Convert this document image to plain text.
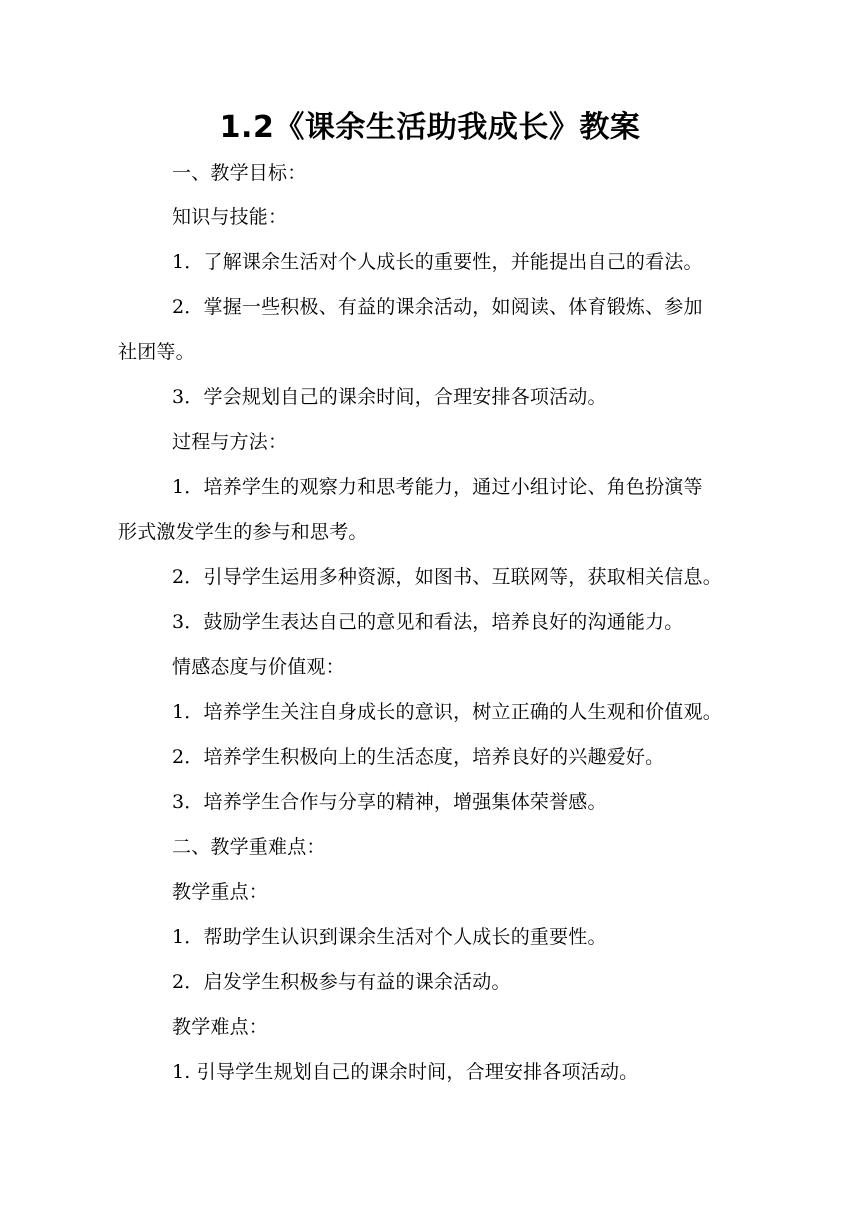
1.2《课余生活助我成长》教案
一、教学目标：
知识与技能：
1．了解课余生活对个人成长的重要性，并能提出自己的看法。
2．掌握一些积极、有益的课余活动，如阅读、体育锻炼、参加
社团等。
3．学会规划自己的课余时间，合理安排各项活动。
过程与方法：
1．培养学生的观察力和思考能力，通过小组讨论、角色扮演等
形式激发学生的参与和思考。
2．引导学生运用多种资源，如图书、互联网等，获取相关信息。
3．鼓励学生表达自己的意见和看法，培养良好的沟通能力。
情感态度与价值观：
1．培养学生关注自身成长的意识，树立正确的人生观和价值观。
2．培养学生积极向上的生活态度，培养良好的兴趣爱好。
3．培养学生合作与分享的精神，增强集体荣誉感。
二、教学重难点：
教学重点：
1．帮助学生认识到课余生活对个人成长的重要性。
2．启发学生积极参与有益的课余活动。
教学难点：
1. 引导学生规划自己的课余时间，合理安排各项活动。
